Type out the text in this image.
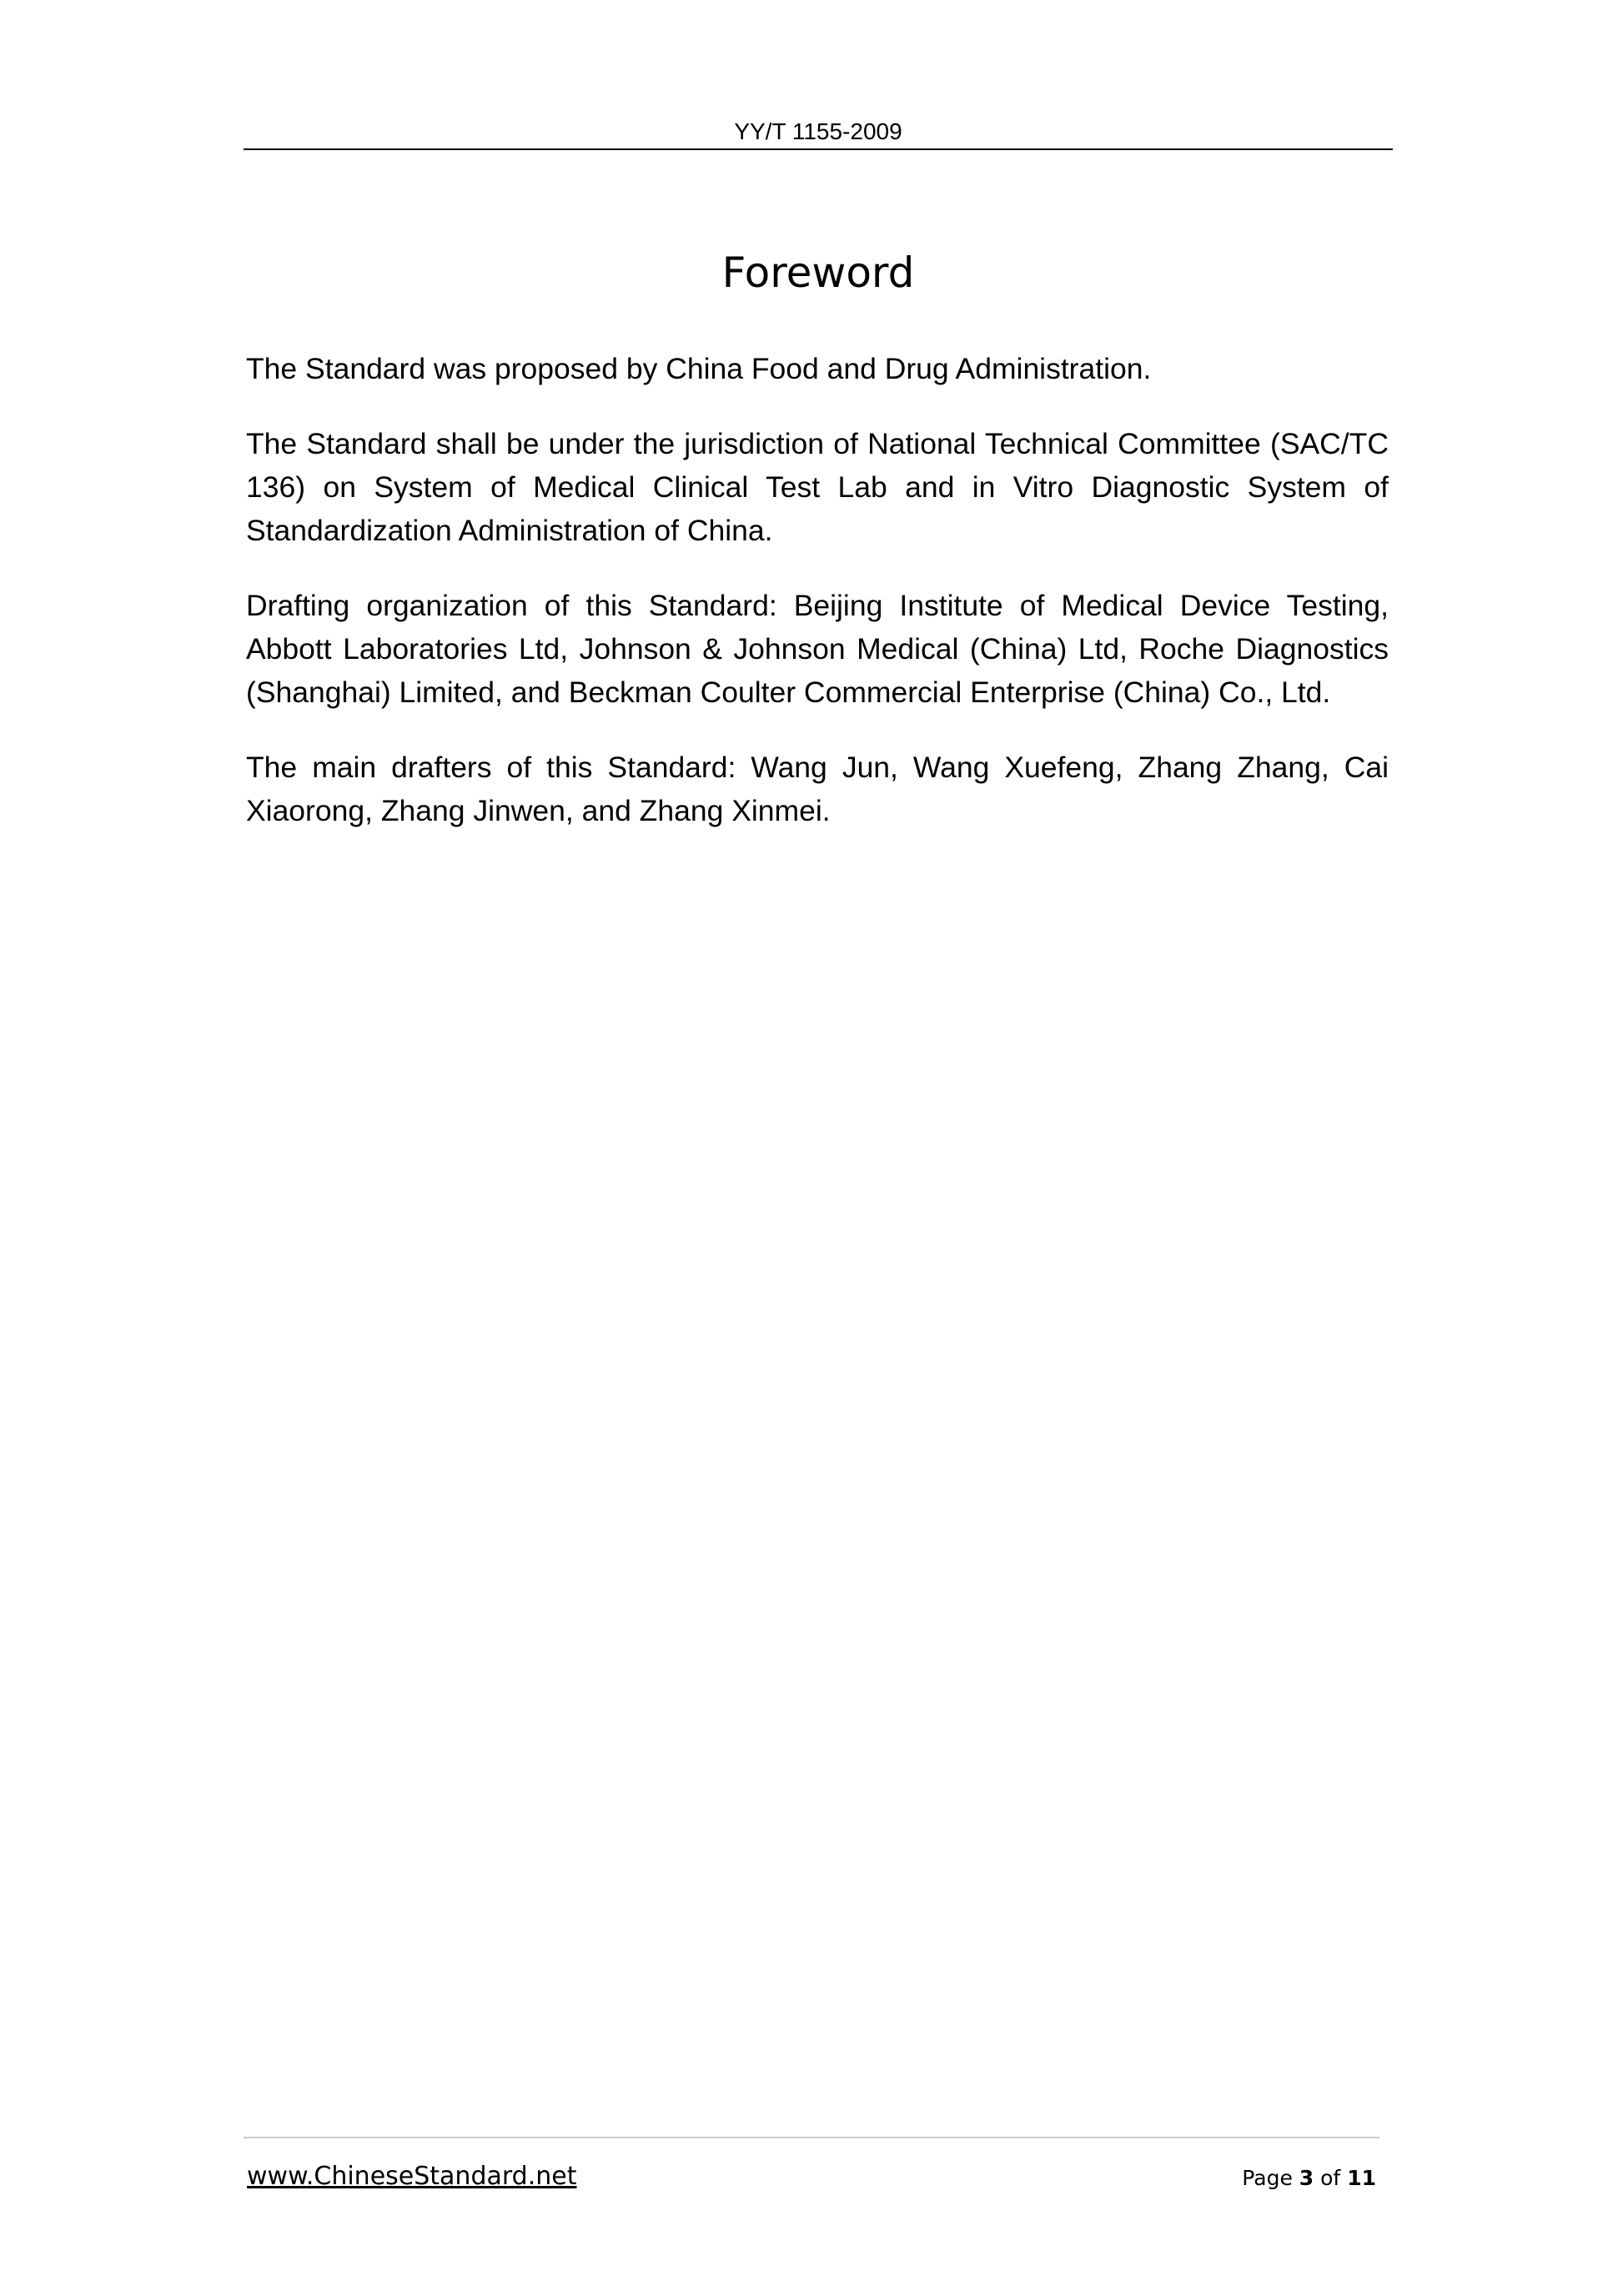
YY/T 1155-2009
Foreword

The Standard was proposed by China Food and Drug Administration.

The Standard shall be under the jurisdiction of National Technical Committee (SAC/TC 136) on System of Medical Clinical Test Lab and in Vitro Diagnostic System of Standardization Administration of China.

Drafting organization of this Standard: Beijing Institute of Medical Device Testing, Abbott Laboratories Ltd, Johnson & Johnson Medical (China) Ltd, Roche Diagnostics (Shanghai) Limited, and Beckman Coulter Commercial Enterprise (China) Co., Ltd.

The main drafters of this Standard: Wang Jun, Wang Xuefeng, Zhang Zhang, Cai Xiaorong, Zhang Jinwen, and Zhang Xinmei.

www.ChineseStandard.net	Page 3 of 11
